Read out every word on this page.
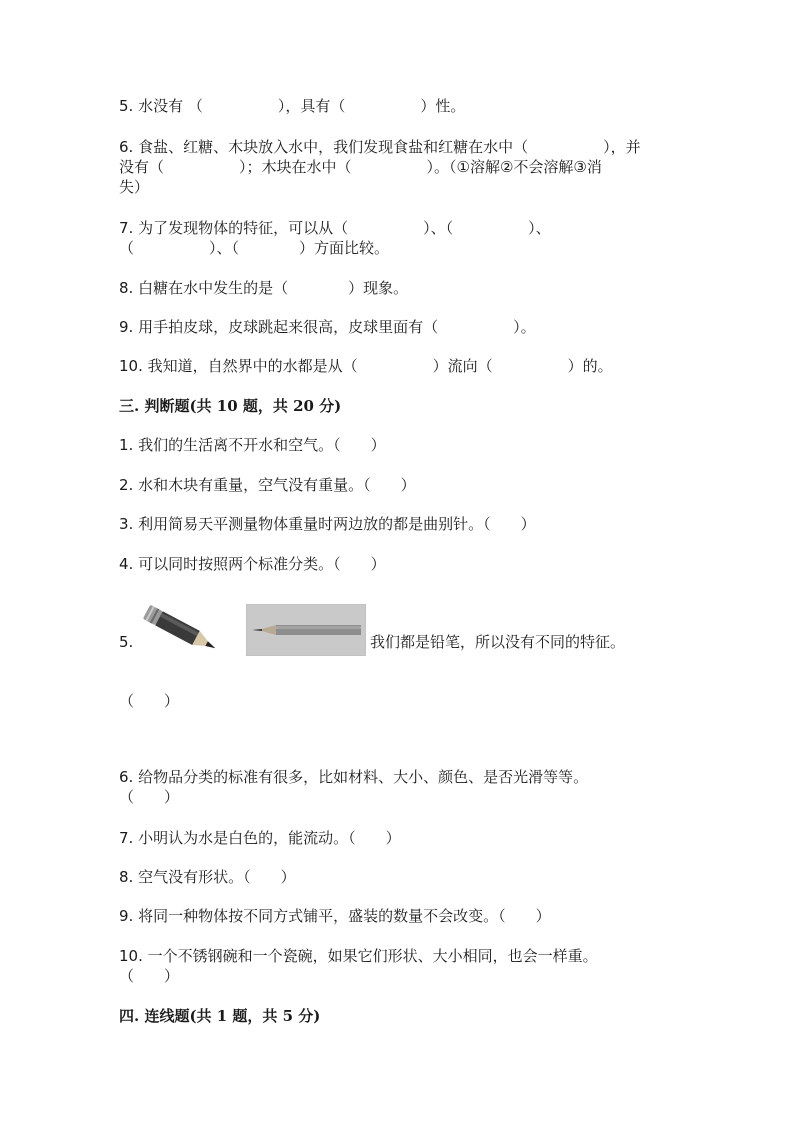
5. 水没有 （　　　　　），具有（　　　　　）性。
6. 食盐、红糖、木块放入水中，我们发现食盐和红糖在水中（　　　　　），并
没有（　　　　　）；木块在水中（　　　　　）。（①溶解②不会溶解③消
失）
7. 为了发现物体的特征，可以从（　　　　　）、（　　　　　）、
（　　　　　）、（　　　　）方面比较。
8. 白糖在水中发生的是（　　　　）现象。
9. 用手拍皮球，皮球跳起来很高，皮球里面有（　　　　　）。
10. 我知道，自然界中的水都是从（　　　　　）流向（　　　　　）的。
三. 判断题(共 10 题，共 20 分)
1. 我们的生活离不开水和空气。（　　）
2. 水和木块有重量，空气没有重量。（　　）
3. 利用简易天平测量物体重量时两边放的都是曲别针。（　　）
4. 可以同时按照两个标准分类。（　　）
5.	我们都是铅笔，所以没有不同的特征。
（　　）
6. 给物品分类的标准有很多，比如材料、大小、颜色、是否光滑等等。
（　　）
7. 小明认为水是白色的，能流动。（　　）
8. 空气没有形状。（　　）
9. 将同一种物体按不同方式铺平，盛装的数量不会改变。（　　）
10. 一个不锈钢碗和一个瓷碗，如果它们形状、大小相同，也会一样重。
（　　）
四. 连线题(共 1 题，共 5 分)
